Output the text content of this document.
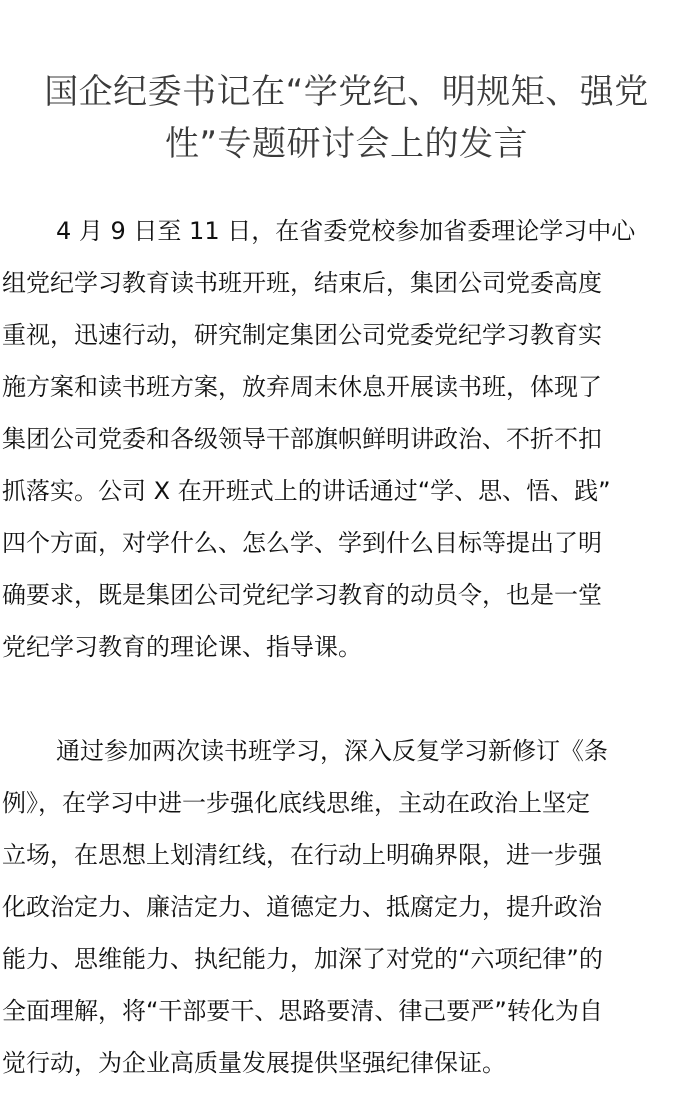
国企纪委书记在“学党纪、明规矩、强党
性”专题研讨会上的发言
4 月 9 日至 11 日，在省委党校参加省委理论学习中心
组党纪学习教育读书班开班，结束后，集团公司党委高度
重视，迅速行动，研究制定集团公司党委党纪学习教育实
施方案和读书班方案，放弃周末休息开展读书班，体现了
集团公司党委和各级领导干部旗帜鲜明讲政治、不折不扣
抓落实。公司 X 在开班式上的讲话通过“学、思、悟、践”
四个方面，对学什么、怎么学、学到什么目标等提出了明
确要求，既是集团公司党纪学习教育的动员令，也是一堂
党纪学习教育的理论课、指导课。
通过参加两次读书班学习，深入反复学习新修订《条
例》，在学习中进一步强化底线思维，主动在政治上坚定
立场，在思想上划清红线，在行动上明确界限，进一步强
化政治定力、廉洁定力、道德定力、抵腐定力，提升政治
能力、思维能力、执纪能力，加深了对党的“六项纪律”的
全面理解，将“干部要干、思路要清、律己要严”转化为自
觉行动，为企业高质量发展提供坚强纪律保证。
